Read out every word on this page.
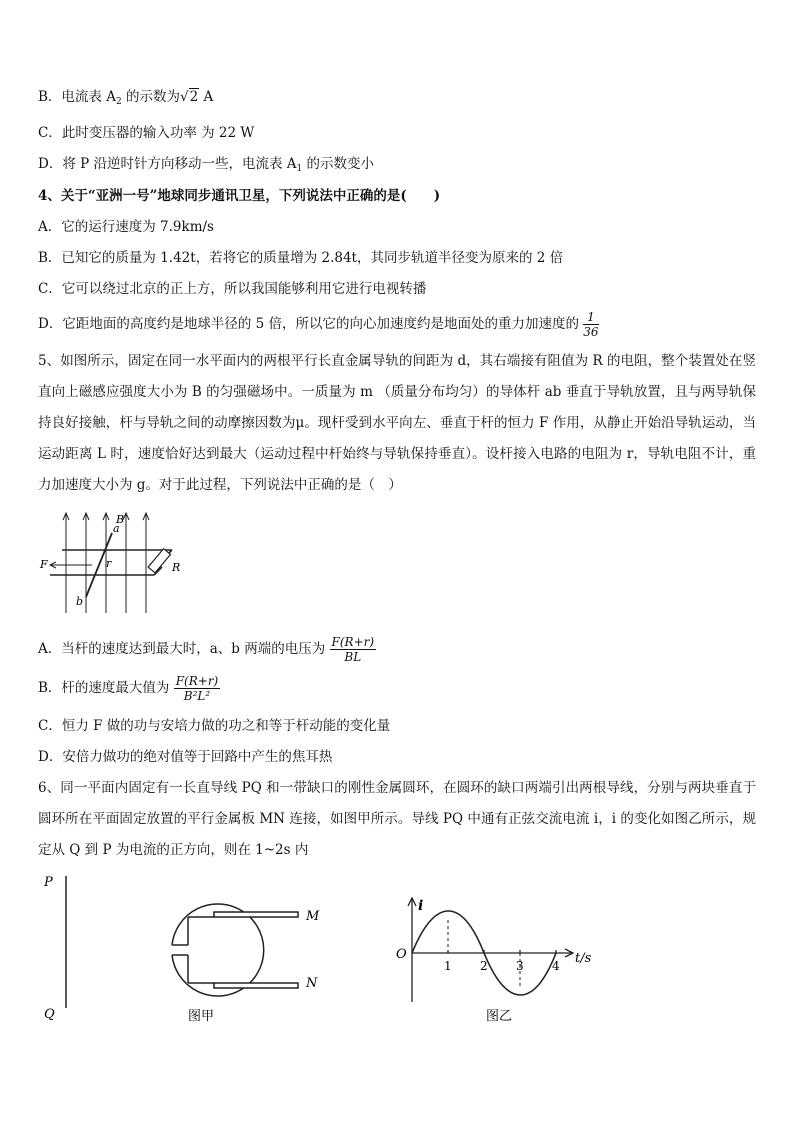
B．电流表 $A_2$ 的示数为√2 A
C．此时变压器的输入功率 为 22 W
D．将 P 沿逆时针方向移动一些，电流表 $A_1$ 的示数变小
4、关于“亚洲一号”地球同步通讯卫星，下列说法中正确的是(　　)
A．它的运行速度为 7.9km/s
B．已知它的质量为 1.42t，若将它的质量增为 2.84t，其同步轨道半径变为原来的 2 倍
C．它可以绕过北京的正上方，所以我国能够利用它进行电视转播
D．它距地面的高度约是地球半径的 5 倍，所以它的向心加速度约是地面处的重力加速度的 $\frac{1}{36}$
5、如图所示，固定在同一水平面内的两根平行长直金属导轨的间距为 d，其右端接有阻值为 R 的电阻，整个装置处在竖直向上磁感应强度大小为 B 的匀强磁场中。一质量为 m （质量分布均匀）的导体杆 ab 垂直于导轨放置，且与两导轨保持良好接触，杆与导轨之间的动摩擦因数为μ。现杆受到水平向左、垂直于杆的恒力 F 作用，从静止开始沿导轨运动，当运动距离 L 时，速度恰好达到最大（运动过程中杆始终与导轨保持垂直）。设杆接入电路的电阻为 r，导轨电阻不计，重力加速度大小为 g。对于此过程，下列说法中正确的是（　）
F
a
b
r
B
R
A．当杆的速度达到最大时，a、b 两端的电压为 $\frac{F(R+r)}{BL}$
B．杆的速度最大值为 $\frac{F(R+r)}{\text{B²L²}}$
C．恒力 F 做的功与安培力做的功之和等于杆动能的变化量
D．安倍力做功的绝对值等于回路中产生的焦耳热
6、同一平面内固定有一长直导线 PQ 和一带缺口的刚性金属圆环，在圆环的缺口两端引出两根导线，分别与两块垂直于圆环所在平面固定放置的平行金属板 MN 连接，如图甲所示。导线 PQ 中通有正弦交流电流 i，i 的变化如图乙所示，规定从 Q 到 P 为电流的正方向，则在 1~2s 内
P
Q
M
N
图甲
i
O
1 2 3 4 t/s
图乙
